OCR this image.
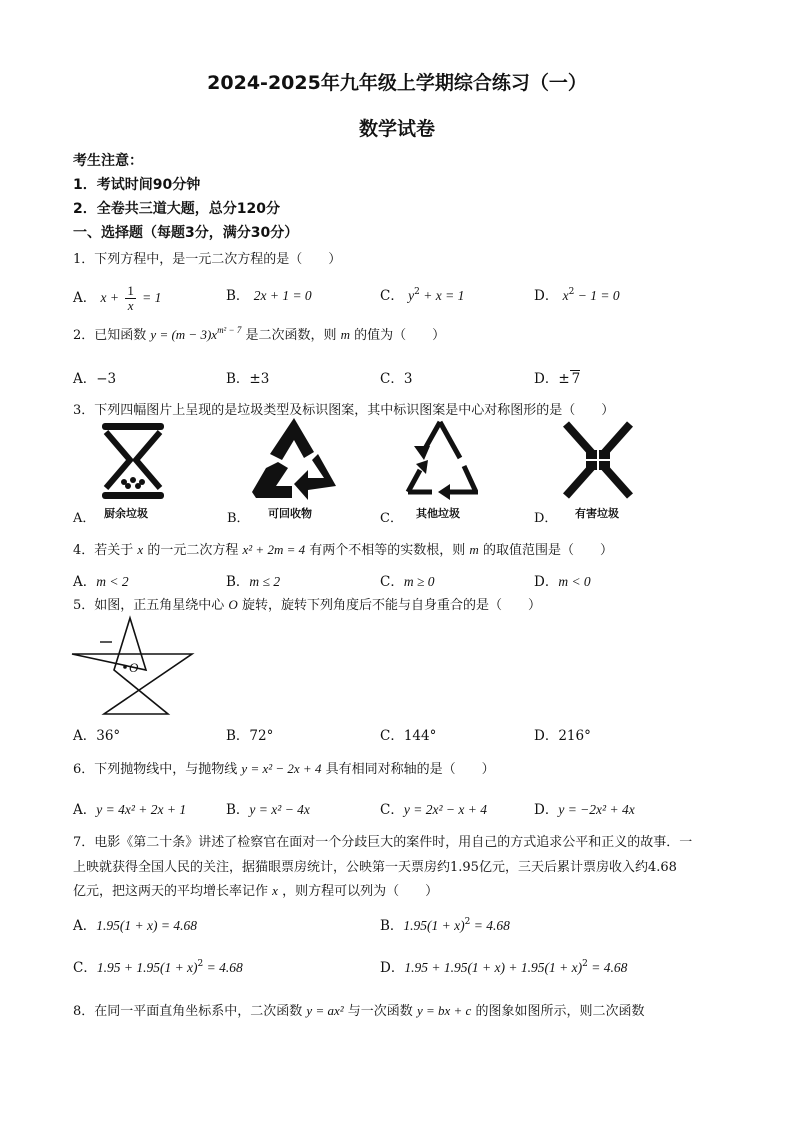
2024-2025年九年级上学期综合练习（一）
数学试卷
考生注意：
1．考试时间90分钟
2．全卷共三道大题，总分120分
一、选择题（每题3分，满分30分）
1．下列方程中，是一元二次方程的是（　　）
A． $x + \frac{1}{x} = 1$	B． 2x + 1 = 0	C． $y^2 + x = 1$	D． $x^2 - 1 = 0$
2．已知函数 $y = (m - 3)x^{m^2 - 7}$ 是二次函数，则 m 的值为（　　）
A．−3	B．±3	C．3	D．± 7
3．下列四幅图片上呈现的是垃圾类型及标识图案，其中标识图案是中心对称图形的是（　　）
A． 厨余垃圾	B． 可回收物	C． 其他垃圾	D． 有害垃圾
4．若关于 x 的一元二次方程 x² + 2m = 4 有两个不相等的实数根，则 m 的取值范围是（　　）
A．m < 2	B．m ≤ 2	C．m ≥ 0	D．m < 0
5．如图，正五角星绕中心 O 旋转，旋转下列角度后不能与自身重合的是（　　）
O
A．36°	B．72°	C．144°	D．216°
6．下列抛物线中，与抛物线 y = x² − 2x + 4 具有相同对称轴的是（　　）
A．y = 4x² + 2x + 1	B．y = x² − 4x	C．y = 2x² − x + 4	D．y = −2x² + 4x
7．电影《第二十条》讲述了检察官在面对一个分歧巨大的案件时，用自己的方式追求公平和正义的故事．一
上映就获得全国人民的关注，据猫眼票房统计，公映第一天票房约1.95亿元，三天后累计票房收入约4.68
亿元，把这两天的平均增长率记作 x ，则方程可以列为（　　）
A．1.95(1 + x) = 4.68	B．$1.95(1 + x)^2 = 4.68$
C．$1.95 + 1.95(1 + x)^2 = 4.68$	D．$1.95 + 1.95(1 + x) + 1.95(1 + x)^2 = 4.68$
8．在同一平面直角坐标系中，二次函数 y = ax² 与一次函数 y = bx + c 的图象如图所示，则二次函数
